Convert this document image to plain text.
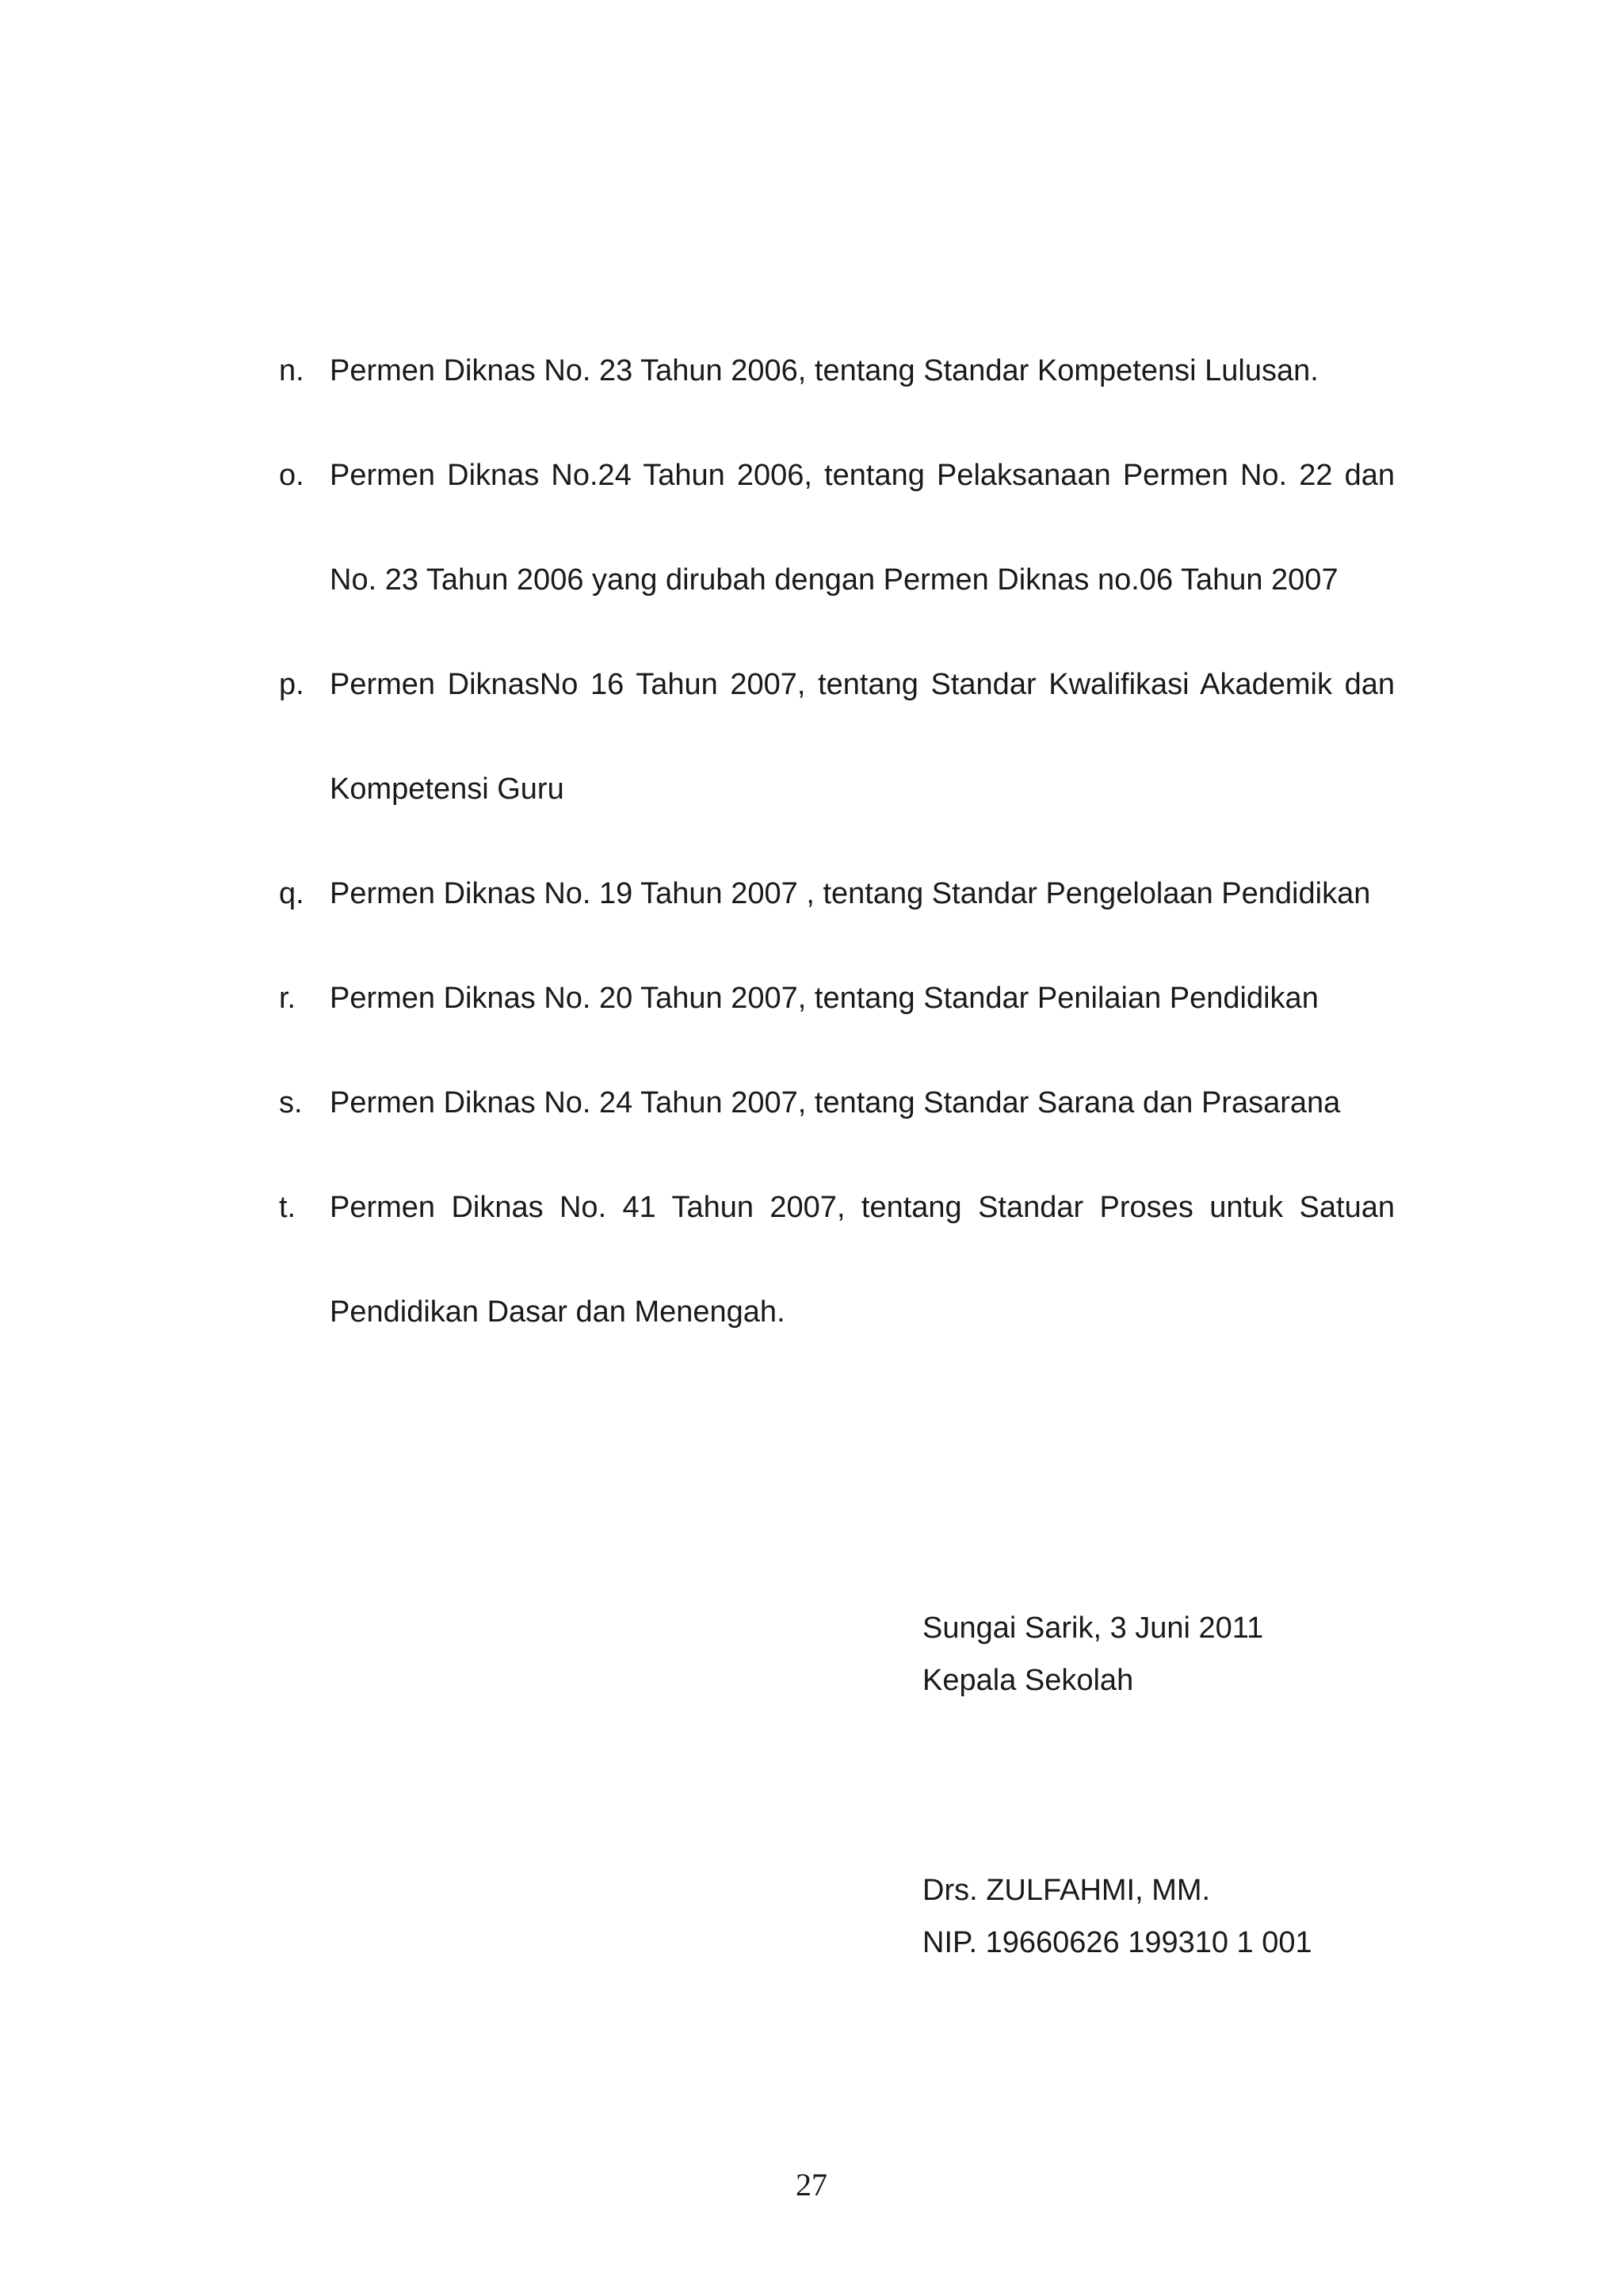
n. Permen Diknas No. 23 Tahun 2006, tentang Standar Kompetensi Lulusan.
o. Permen Diknas No.24 Tahun 2006, tentang Pelaksanaan Permen No. 22 dan
No. 23 Tahun 2006 yang dirubah dengan Permen Diknas no.06 Tahun 2007
p. Permen DiknasNo 16 Tahun 2007, tentang Standar Kwalifikasi Akademik dan
Kompetensi Guru
q. Permen Diknas No. 19 Tahun 2007 , tentang Standar Pengelolaan Pendidikan
r. Permen Diknas No. 20 Tahun 2007, tentang Standar Penilaian Pendidikan
s. Permen Diknas No. 24 Tahun 2007, tentang Standar Sarana dan Prasarana
t. Permen Diknas No. 41 Tahun 2007, tentang Standar Proses untuk Satuan
Pendidikan Dasar dan Menengah.
Sungai Sarik, 3 Juni 2011
Kepala Sekolah
Drs. ZULFAHMI, MM.
NIP. 19660626 199310 1 001
27
